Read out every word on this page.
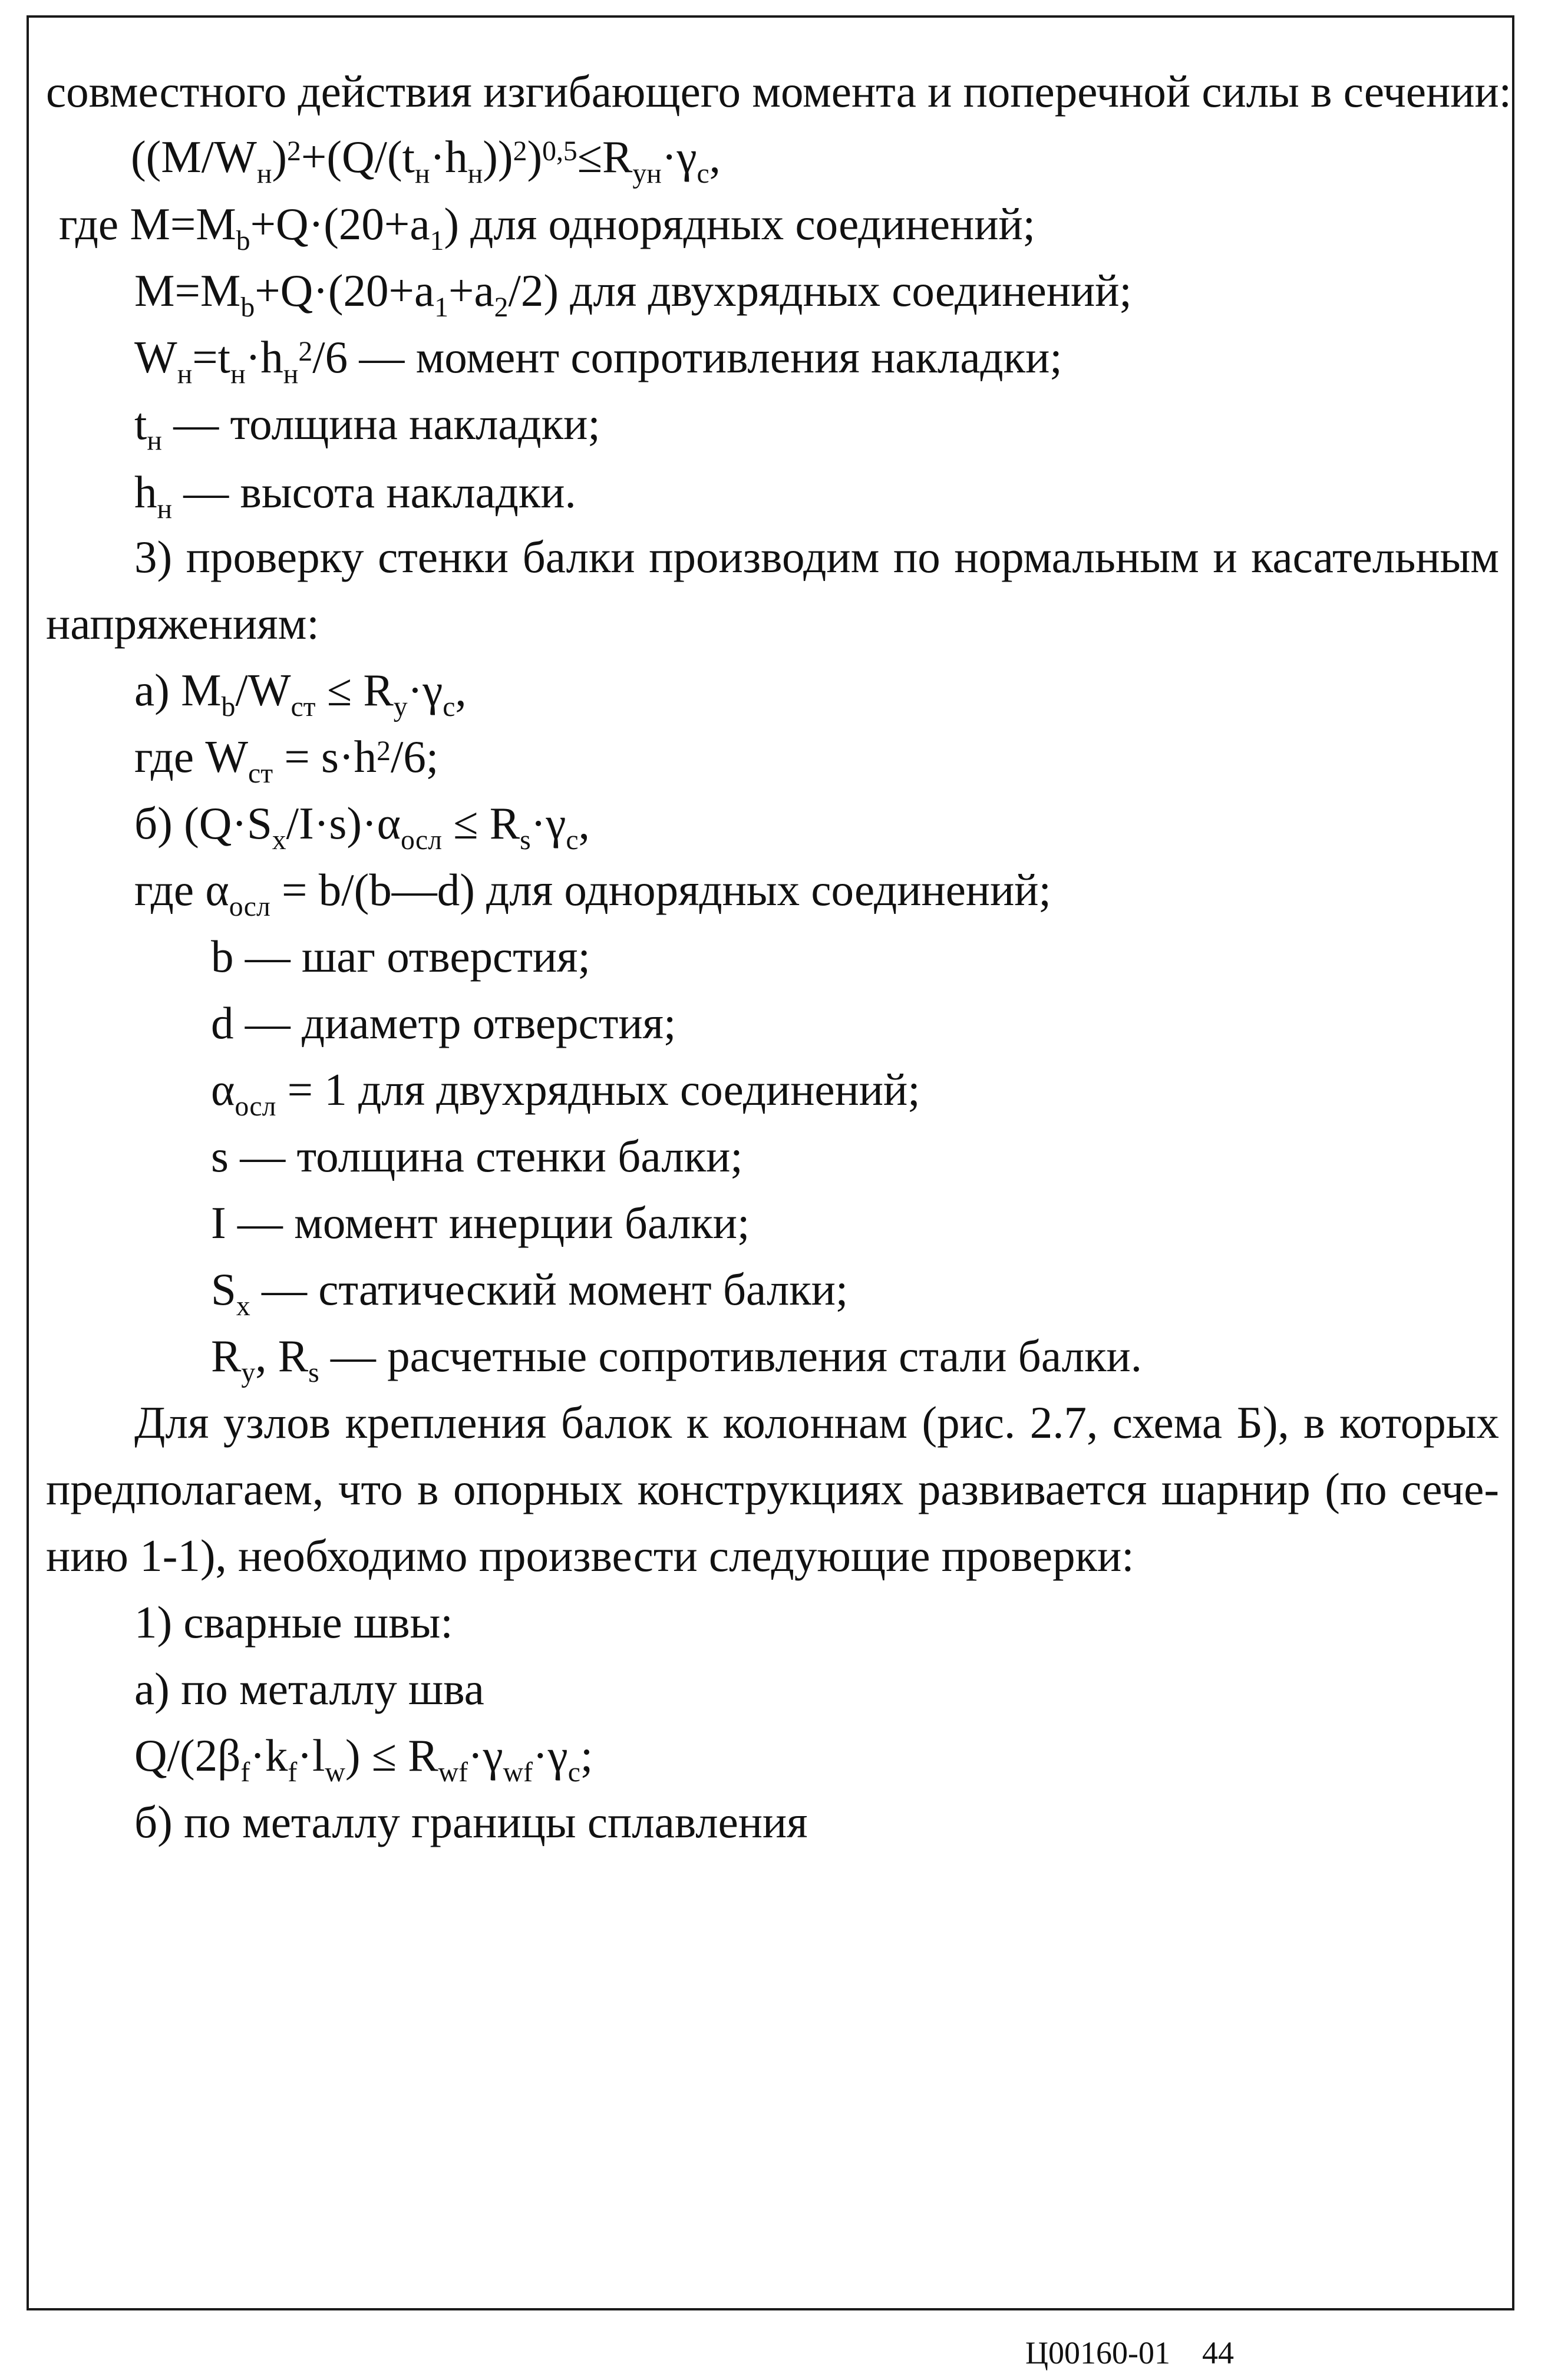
совместного действия изгибающего момента и поперечной силы в сечении:
$((M/W_н)^2+(Q/(t_н\cdot h_н))^2)^{0,5}\le R_{ун}\cdot\gamma_c$,
где $M=M_b+Q\cdot(20+a_1)$ для однорядных соединений;
$M=M_b+Q\cdot(20+a_1+a_2/2)$ для двухрядных соединений;
$W_н=t_н\cdot h_н^2/6$ — момент сопротивления накладки;
$t_н$ — толщина накладки;
$h_н$ — высота накладки.
3) проверку стенки балки производим по нормальным и касательным
напряжениям:
а) $M_b/W_{ст} \le R_y\cdot\gamma_c$,
где $W_{ст} = s\cdot h^2/6$;
б) $(Q\cdot S_x/I\cdot s)\cdot\alpha_{осл} \le R_s\cdot\gamma_c$,
где $\alpha_{осл}$ = b/(b—d) для однорядных соединений;
b — шаг отверстия;
d — диаметр отверстия;
$\alpha_{осл} = 1$ для двухрядных соединений;
s — толщина стенки балки;
I — момент инерции балки;
$S_x$ — статический момент балки;
$R_y$, $R_s$ — расчетные сопротивления стали балки.
Для узлов крепления балок к колоннам (рис. 2.7, схема Б), в которых
предполагаем, что в опорных конструкциях развивается шарнир (по сече-
нию 1-1), необходимо произвести следующие проверки:
1) сварные швы:
а) по металлу шва
$Q/(2\beta_f\cdot k_f\cdot l_w) \le R_{wf}\cdot\gamma_{wf}\cdot\gamma_c$;
б) по металлу границы сплавления
Ц00160-01 44
